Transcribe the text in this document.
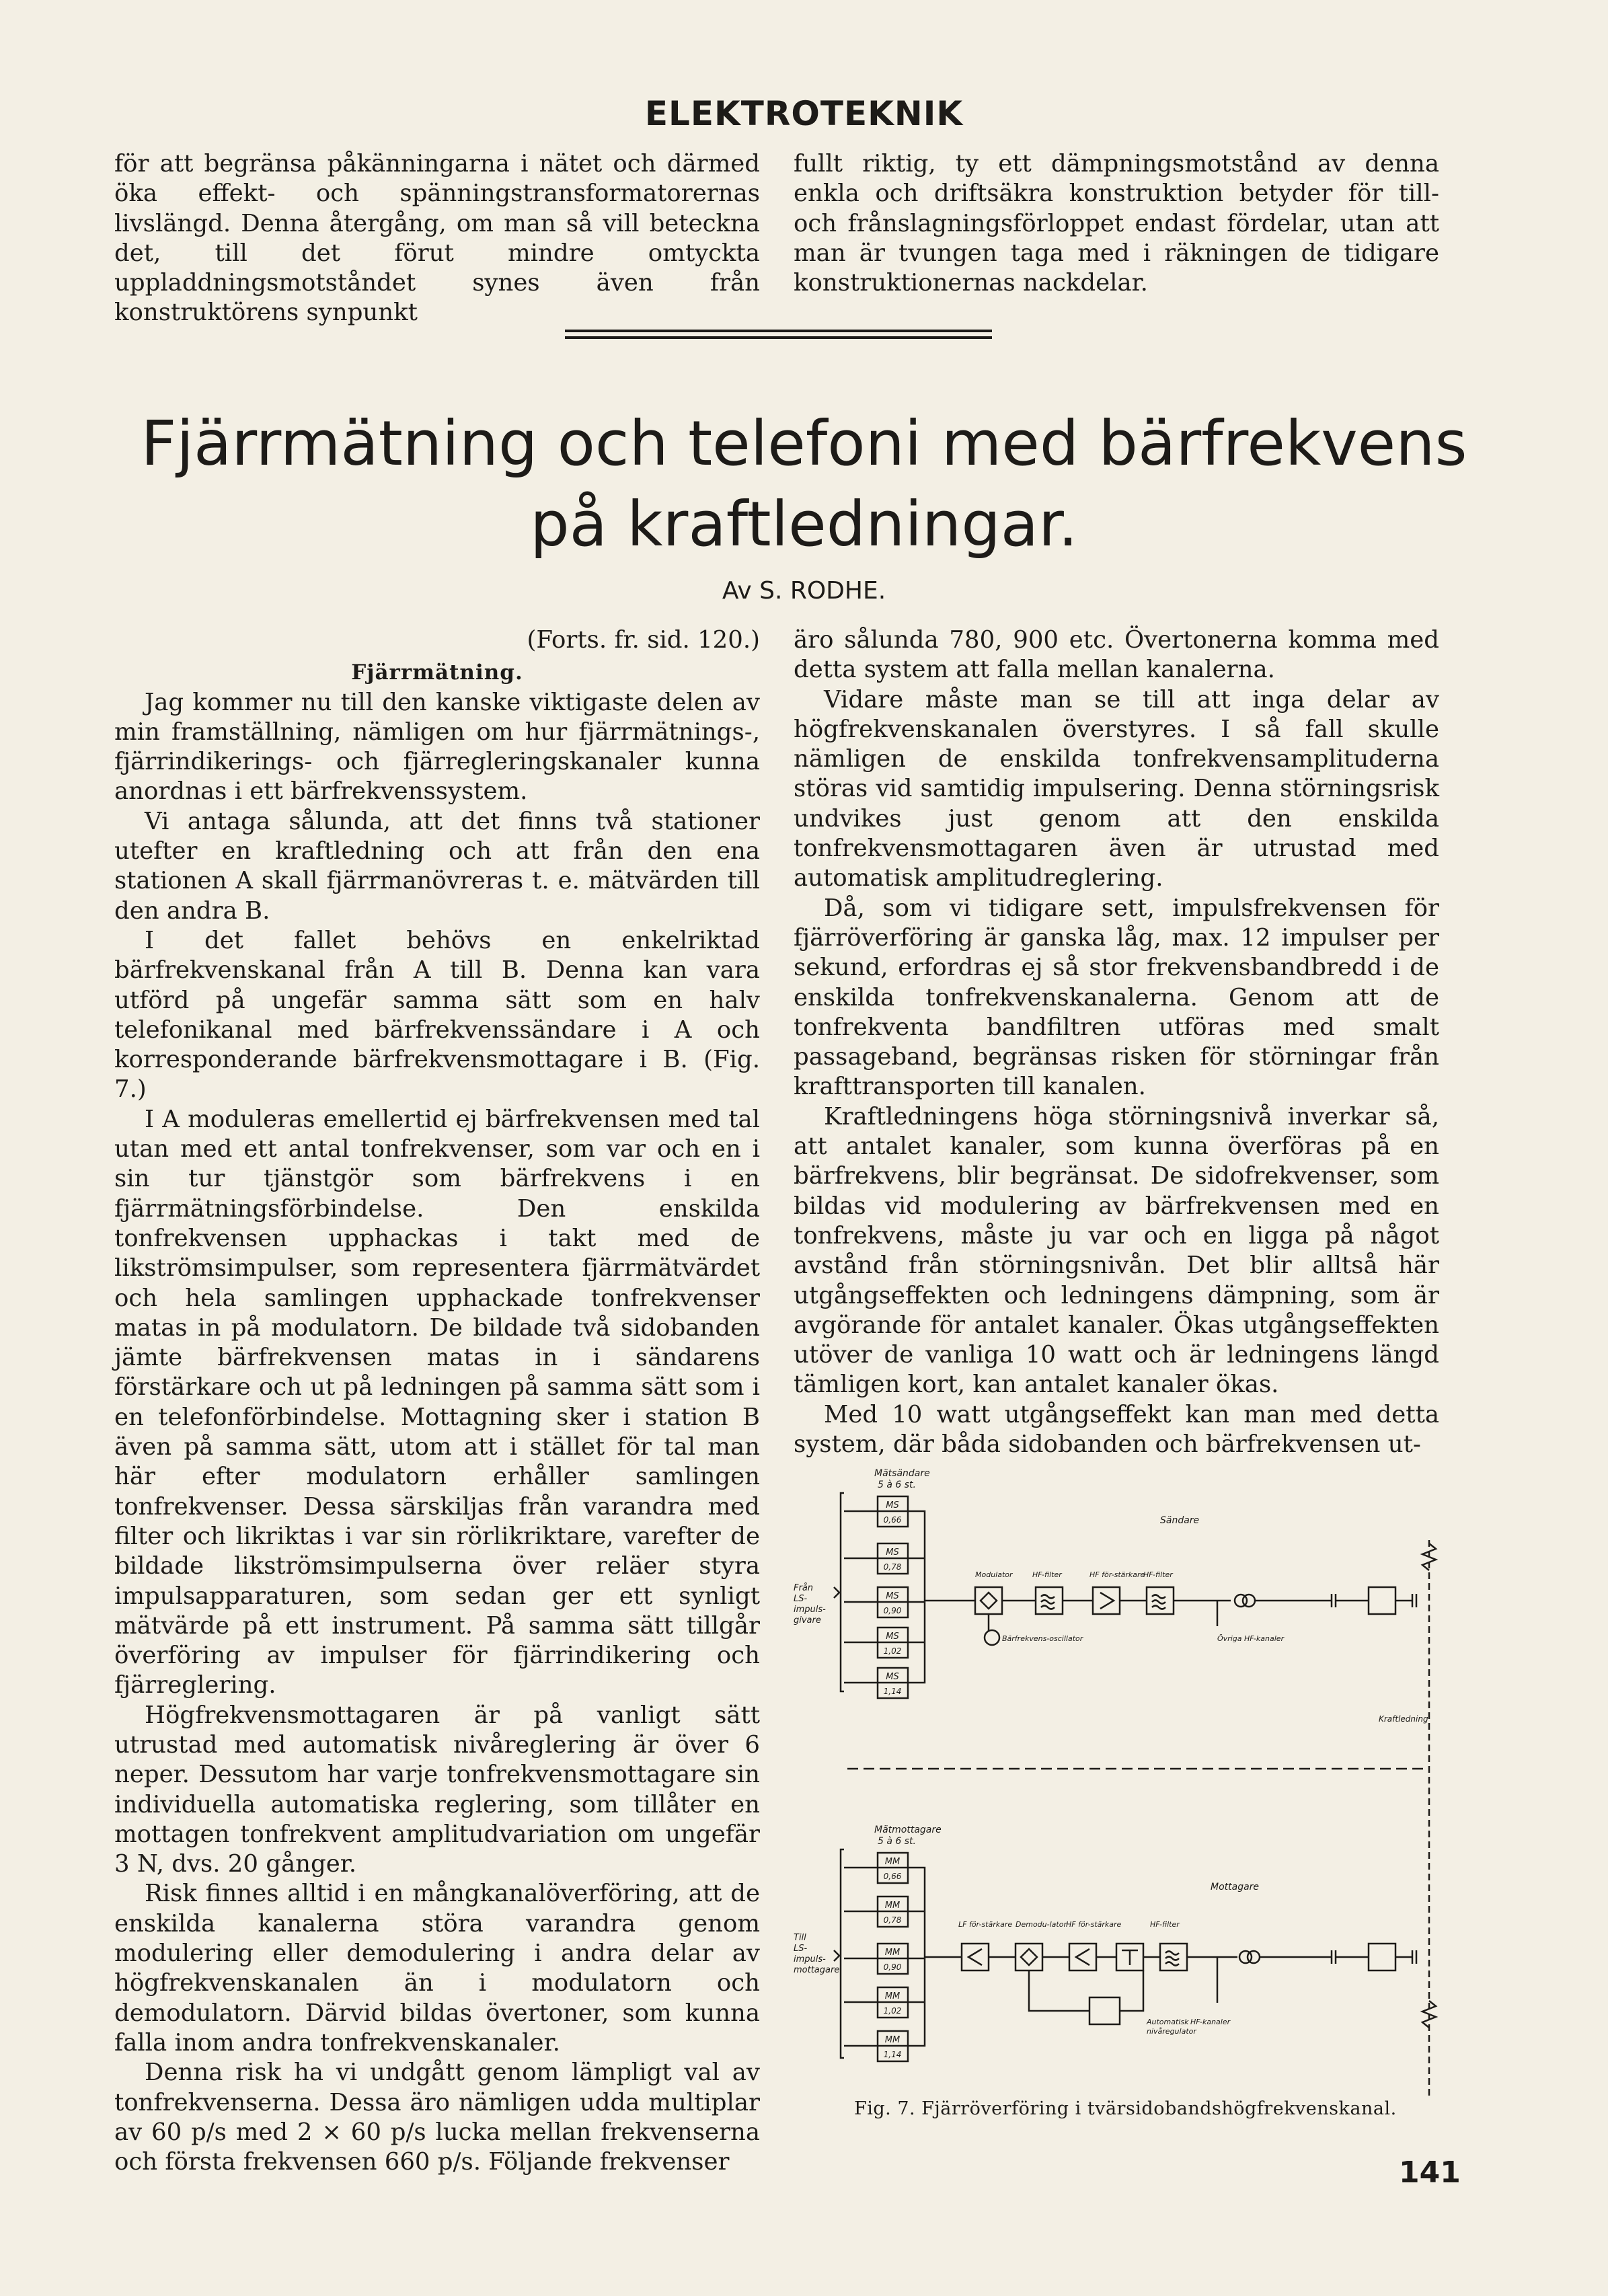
ELEKTROTEKNIK

för att begränsa påkänningarna i nätet och därmed öka effekt- och spänningstransformatorernas livslängd. Denna återgång, om man så vill beteckna det, till det förut mindre omtyckta uppladdningsmotståndet synes även från konstruktörens synpunkt

fullt riktig, ty ett dämpningsmotstånd av denna enkla och driftsäkra konstruktion betyder för till- och frånslagningsförloppet endast fördelar, utan att man är tvungen taga med i räkningen de tidigare konstruktionernas nackdelar.

Fjärrmätning och telefoni med bärfrekvens
på kraftledningar.
Av S. RODHE.

(Forts. fr. sid. 120.)

Fjärrmätning.

Jag kommer nu till den kanske viktigaste delen av min framställning, nämligen om hur fjärrmätnings-, fjärrindikerings- och fjärregleringskanaler kunna anordnas i ett bärfrekvenssystem.

Vi antaga sålunda, att det finns två stationer utefter en kraftledning och att från den ena stationen A skall fjärrmanövreras t. e. mätvärden till den andra B.

I det fallet behövs en enkelriktad bärfrekvenskanal från A till B. Denna kan vara utförd på ungefär samma sätt som en halv telefonikanal med bärfrekvenssändare i A och korresponderande bärfrekvensmottagare i B. (Fig. 7.)

I A moduleras emellertid ej bärfrekvensen med tal utan med ett antal tonfrekvenser, som var och en i sin tur tjänstgör som bärfrekvens i en fjärrmätningsförbindelse. Den enskilda tonfrekvensen upphackas i takt med de likströmsimpulser, som representera fjärrmätvärdet och hela samlingen upphackade tonfrekvenser matas in på modulatorn. De bildade två sidobanden jämte bärfrekvensen matas in i sändarens förstärkare och ut på ledningen på samma sätt som i en telefonförbindelse. Mottagning sker i station B även på samma sätt, utom att i stället för tal man här efter modulatorn erhåller samlingen tonfrekvenser. Dessa särskiljas från varandra med filter och likriktas i var sin rörlikriktare, varefter de bildade likströmsimpulserna över reläer styra impulsapparaturen, som sedan ger ett synligt mätvärde på ett instrument. På samma sätt tillgår överföring av impulser för fjärrindikering och fjärreglering.

Högfrekvensmottagaren är på vanligt sätt utrustad med automatisk nivåreglering är över 6 neper. Dessutom har varje tonfrekvensmottagare sin individuella automatiska reglering, som tillåter en mottagen tonfrekvent amplitudvariation om ungefär 3 N, dvs. 20 gånger.

Risk finnes alltid i en mångkanalöverföring, att de enskilda kanalerna störa varandra genom modulering eller demodulering i andra delar av högfrekvenskanalen än i modulatorn och demodulatorn. Därvid bildas övertoner, som kunna falla inom andra tonfrekvenskanaler.

Denna risk ha vi undgått genom lämpligt val av tonfrekvenserna. Dessa äro nämligen udda multiplar av 60 p/s med 2 × 60 p/s lucka mellan frekvenserna och första frekvensen 660 p/s. Följande frekvenser

äro sålunda 780, 900 etc. Övertonerna komma med detta system att falla mellan kanalerna.

Vidare måste man se till att inga delar av högfrekvenskanalen överstyres. I så fall skulle nämligen de enskilda tonfrekvensamplituderna störas vid samtidig impulsering. Denna störningsrisk undvikes just genom att den enskilda tonfrekvensmottagaren även är utrustad med automatisk amplitudreglering.

Då, som vi tidigare sett, impulsfrekvensen för fjärröverföring är ganska låg, max. 12 impulser per sekund, erfordras ej så stor frekvensbandbredd i de enskilda tonfrekvenskanalerna. Genom att de tonfrekventa bandfiltren utföras med smalt passageband, begränsas risken för störningar från krafttransporten till kanalen.

Kraftledningens höga störningsnivå inverkar så, att antalet kanaler, som kunna överföras på en bärfrekvens, blir begränsat. De sidofrekvenser, som bildas vid modulering av bärfrekvensen med en tonfrekvens, måste ju var och en ligga på något avstånd från störningsnivån. Det blir alltså här utgångseffekten och ledningens dämpning, som är avgörande för antalet kanaler. Ökas utgångseffekten utöver de vanliga 10 watt och är ledningens längd tämligen kort, kan antalet kanaler ökas.

Med 10 watt utgångseffekt kan man med detta system, där båda sidobanden och bärfrekvensen ut-

Mätsändare
5 à 6 st.
MS
0,66
MS
0,78
MS
0,90
MS
1,02
MS
1,14
Från LS-impuls-givare
Sändare
Modulator	HF-filter	HF för-stärkare
HF-filter
Bärfrekvens-oscillator	Övriga HF-kanaler
Kraftledning
Mätmottagare
5 à 6 st.
MM
0,66
MM
0,78
MM
0,90
MM
1,02
MM
1,14
Till LS-impuls-mottagare
Mottagare
LF för-stärkare Demodu-lator HF för-stärkare	HF-filter
Automatisk HF-kanaler nivåregulator
Fig. 7. Fjärröverföring i tvärsidobandshögfrekvenskanal.
141
